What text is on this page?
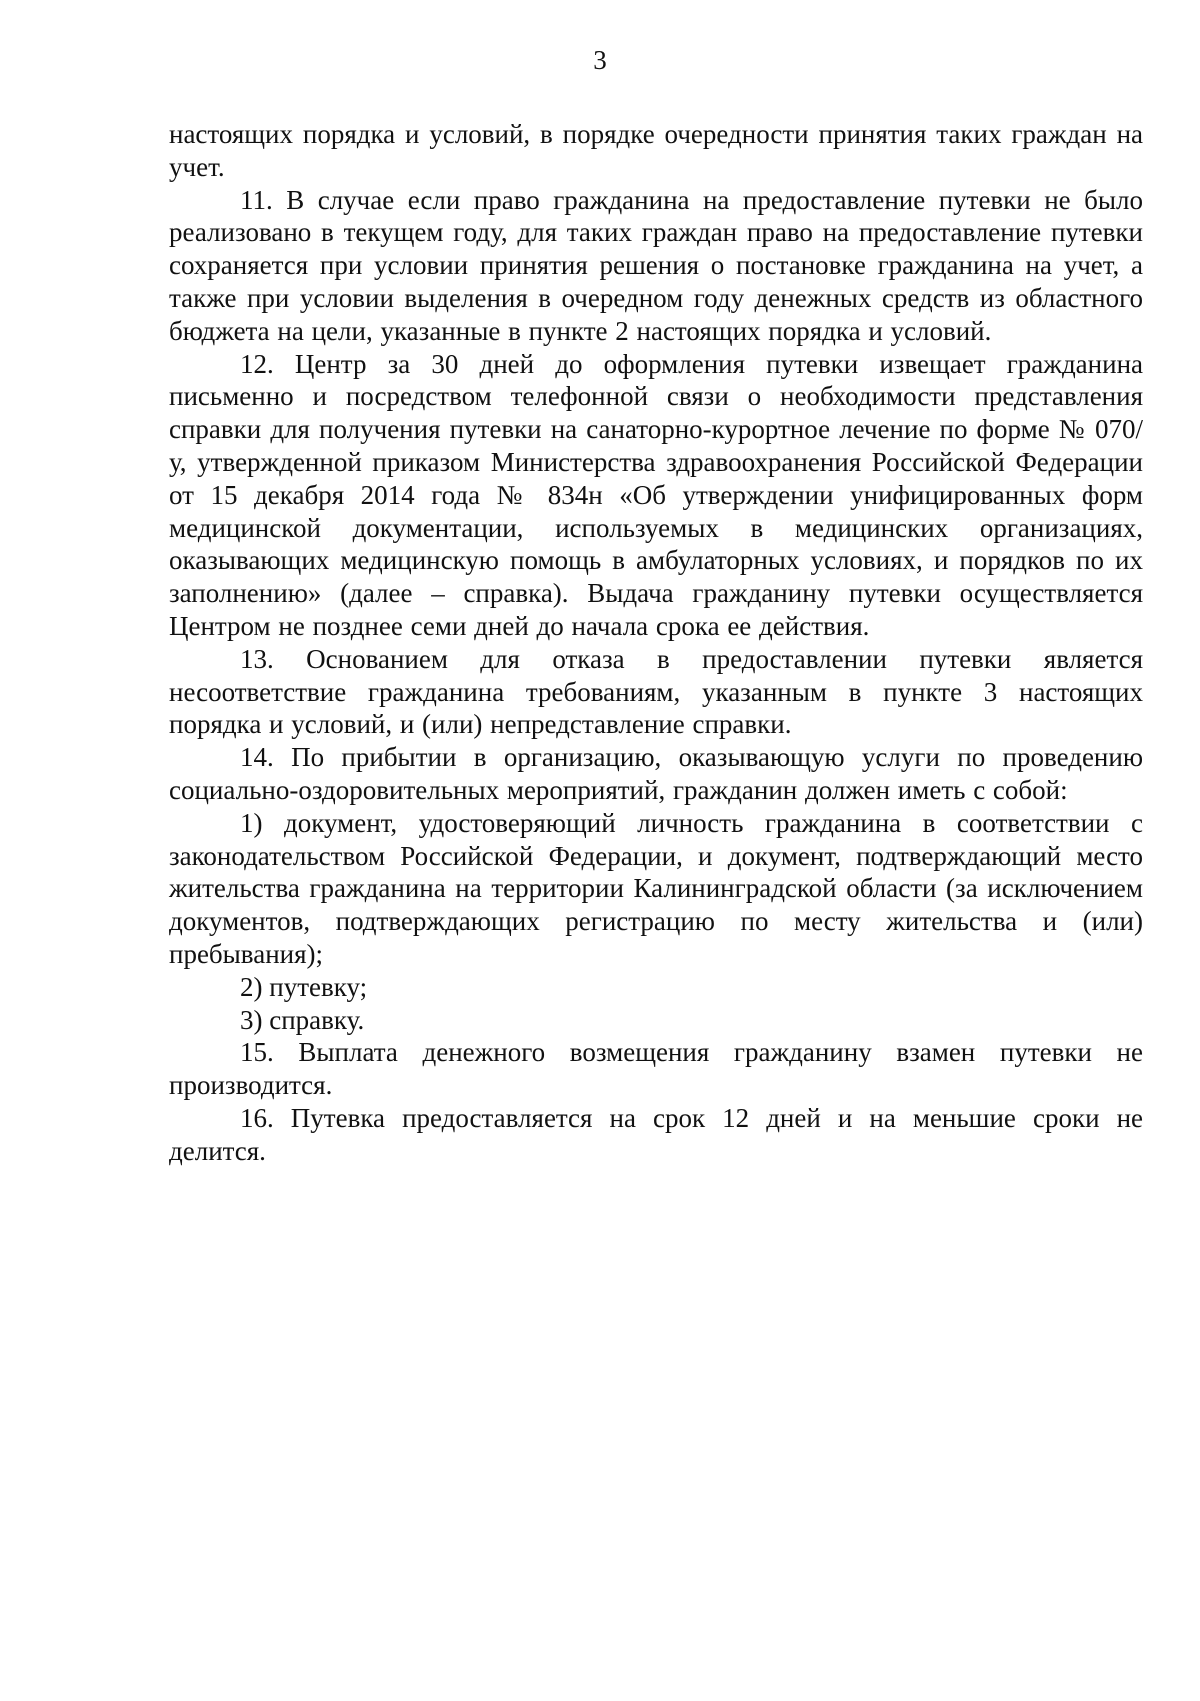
3

настоящих порядка и условий, в порядке очередности принятия таких граждан на учет.

11. В случае если право гражданина на предоставление путевки не было реализовано в текущем году, для таких граждан право на предоставление путевки сохраняется при условии принятия решения о постановке гражданина на учет, а также при условии выделения в очередном году денежных средств из областного бюджета на цели, указанные в пункте 2 настоящих порядка и условий.

12. Центр за 30 дней до оформления путевки извещает гражданина письменно и посредством телефонной связи о необходимости представления справки для получения путевки на санаторно-курортное лечение по форме № 070/у, утвержденной приказом Министерства здравоохранения Российской Федерации от 15 декабря 2014 года № 834н «Об утверждении унифицированных форм медицинской документации, используемых в медицинских организациях, оказывающих медицинскую помощь в амбулаторных условиях, и порядков по их заполнению» (далее – справка). Выдача гражданину путевки осуществляется Центром не позднее семи дней до начала срока ее действия.

13. Основанием для отказа в предоставлении путевки является несоответствие гражданина требованиям, указанным в пункте 3 настоящих порядка и условий, и (или) непредставление справки.

14. По прибытии в организацию, оказывающую услуги по проведению социально-оздоровительных мероприятий, гражданин должен иметь с собой:

1) документ, удостоверяющий личность гражданина в соответствии с законодательством Российской Федерации, и документ, подтверждающий место жительства гражданина на территории Калининградской области (за исключением документов, подтверждающих регистрацию по месту жительства и (или) пребывания);

2) путевку;

3) справку.

15. Выплата денежного возмещения гражданину взамен путевки не производится.

16. Путевка предоставляется на срок 12 дней и на меньшие сроки не делится.
